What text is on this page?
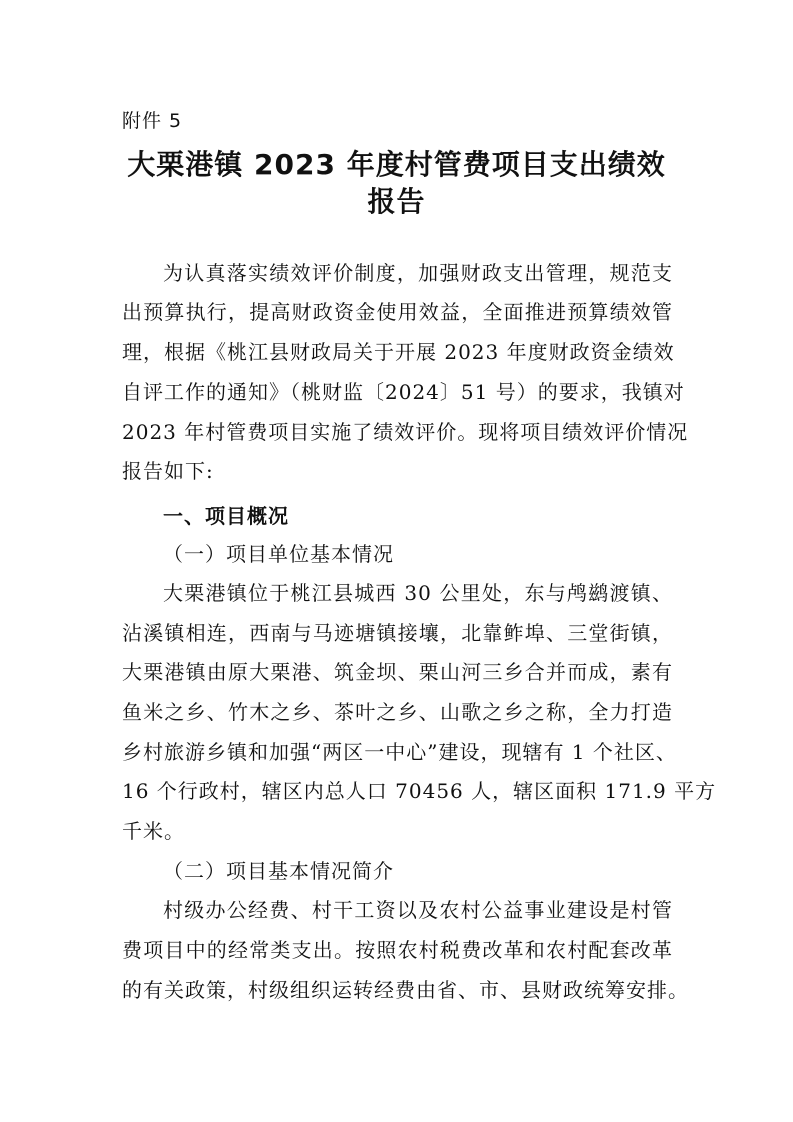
附件 5
大栗港镇 2023 年度村管费项目支出绩效
报告
为认真落实绩效评价制度，加强财政支出管理，规范支
出预算执行，提高财政资金使用效益，全面推进预算绩效管
理，根据《桃江县财政局关于开展 2023 年度财政资金绩效
自评工作的通知》（桃财监〔2024〕51 号）的要求，我镇对
2023 年村管费项目实施了绩效评价。现将项目绩效评价情况
报告如下:
一、项目概况
（一）项目单位基本情况
大栗港镇位于桃江县城西 30 公里处，东与鸬鹚渡镇、
沾溪镇相连，西南与马迹塘镇接壤，北靠鲊埠、三堂街镇，
大栗港镇由原大栗港、筑金坝、栗山河三乡合并而成，素有
鱼米之乡、竹木之乡、茶叶之乡、山歌之乡之称，全力打造
乡村旅游乡镇和加强“两区一中心”建设，现辖有 1 个社区、
16 个行政村，辖区内总人口 70456 人，辖区面积 171.9 平方
千米。
（二）项目基本情况简介
村级办公经费、村干工资以及农村公益事业建设是村管
费项目中的经常类支出。按照农村税费改革和农村配套改革
的有关政策，村级组织运转经费由省、市、县财政统筹安排。
